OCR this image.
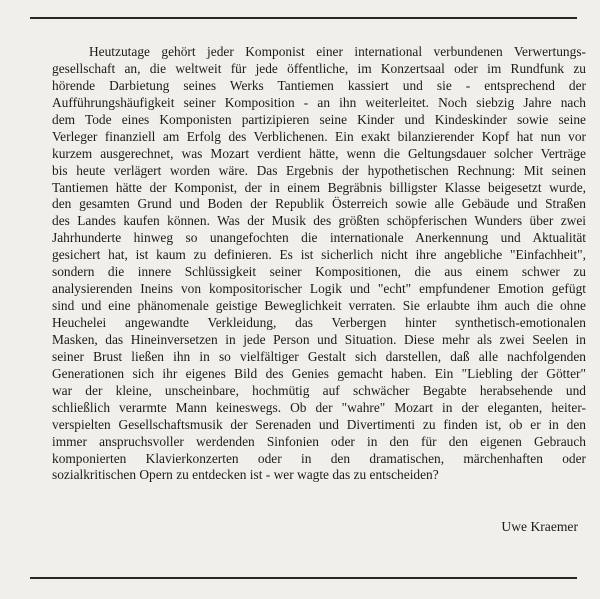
Heutzutage gehört jeder Komponist einer international verbundenen Verwertungs-
gesellschaft an, die weltweit für jede öffentliche, im Konzertsaal oder im Rundfunk zu
hörende Darbietung seines Werks Tantiemen kassiert und sie - entsprechend der
Aufführungshäufigkeit seiner Komposition - an ihn weiterleitet. Noch siebzig Jahre nach
dem Tode eines Komponisten partizipieren seine Kinder und Kindeskinder sowie seine
Verleger finanziell am Erfolg des Verblichenen. Ein exakt bilanzierender Kopf hat nun vor
kurzem ausgerechnet, was Mozart verdient hätte, wenn die Geltungsdauer solcher Verträge
bis heute verlägert worden wäre. Das Ergebnis der hypothetischen Rechnung: Mit seinen
Tantiemen hätte der Komponist, der in einem Begräbnis billigster Klasse beigesetzt wurde,
den gesamten Grund und Boden der Republik Österreich sowie alle Gebäude und Straßen
des Landes kaufen können. Was der Musik des größten schöpferischen Wunders über zwei
Jahrhunderte hinweg so unangefochten die internationale Anerkennung und Aktualität
gesichert hat, ist kaum zu definieren. Es ist sicherlich nicht ihre angebliche "Einfachheit",
sondern die innere Schlüssigkeit seiner Kompositionen, die aus einem schwer zu
analysierenden Ineins von kompositorischer Logik und "echt" empfundener Emotion gefügt
sind und eine phänomenale geistige Beweglichkeit verraten. Sie erlaubte ihm auch die ohne
Heuchelei angewandte Verkleidung, das Verbergen hinter synthetisch-emotionalen
Masken, das Hineinversetzen in jede Person und Situation. Diese mehr als zwei Seelen in
seiner Brust ließen ihn in so vielfältiger Gestalt sich darstellen, daß alle nachfolgenden
Generationen sich ihr eigenes Bild des Genies gemacht haben. Ein "Liebling der Götter"
war der kleine, unscheinbare, hochmütig auf schwächer Begabte herabsehende und
schließlich verarmte Mann keineswegs. Ob der "wahre" Mozart in der eleganten, heiter-
verspielten Gesellschaftsmusik der Serenaden und Divertimenti zu finden ist, ob er in den
immer anspruchsvoller werdenden Sinfonien oder in den für den eigenen Gebrauch
komponierten Klavierkonzerten oder in den dramatischen, märchenhaften oder
sozialkritischen Opern zu entdecken ist - wer wagte das zu entscheiden?
Uwe Kraemer
